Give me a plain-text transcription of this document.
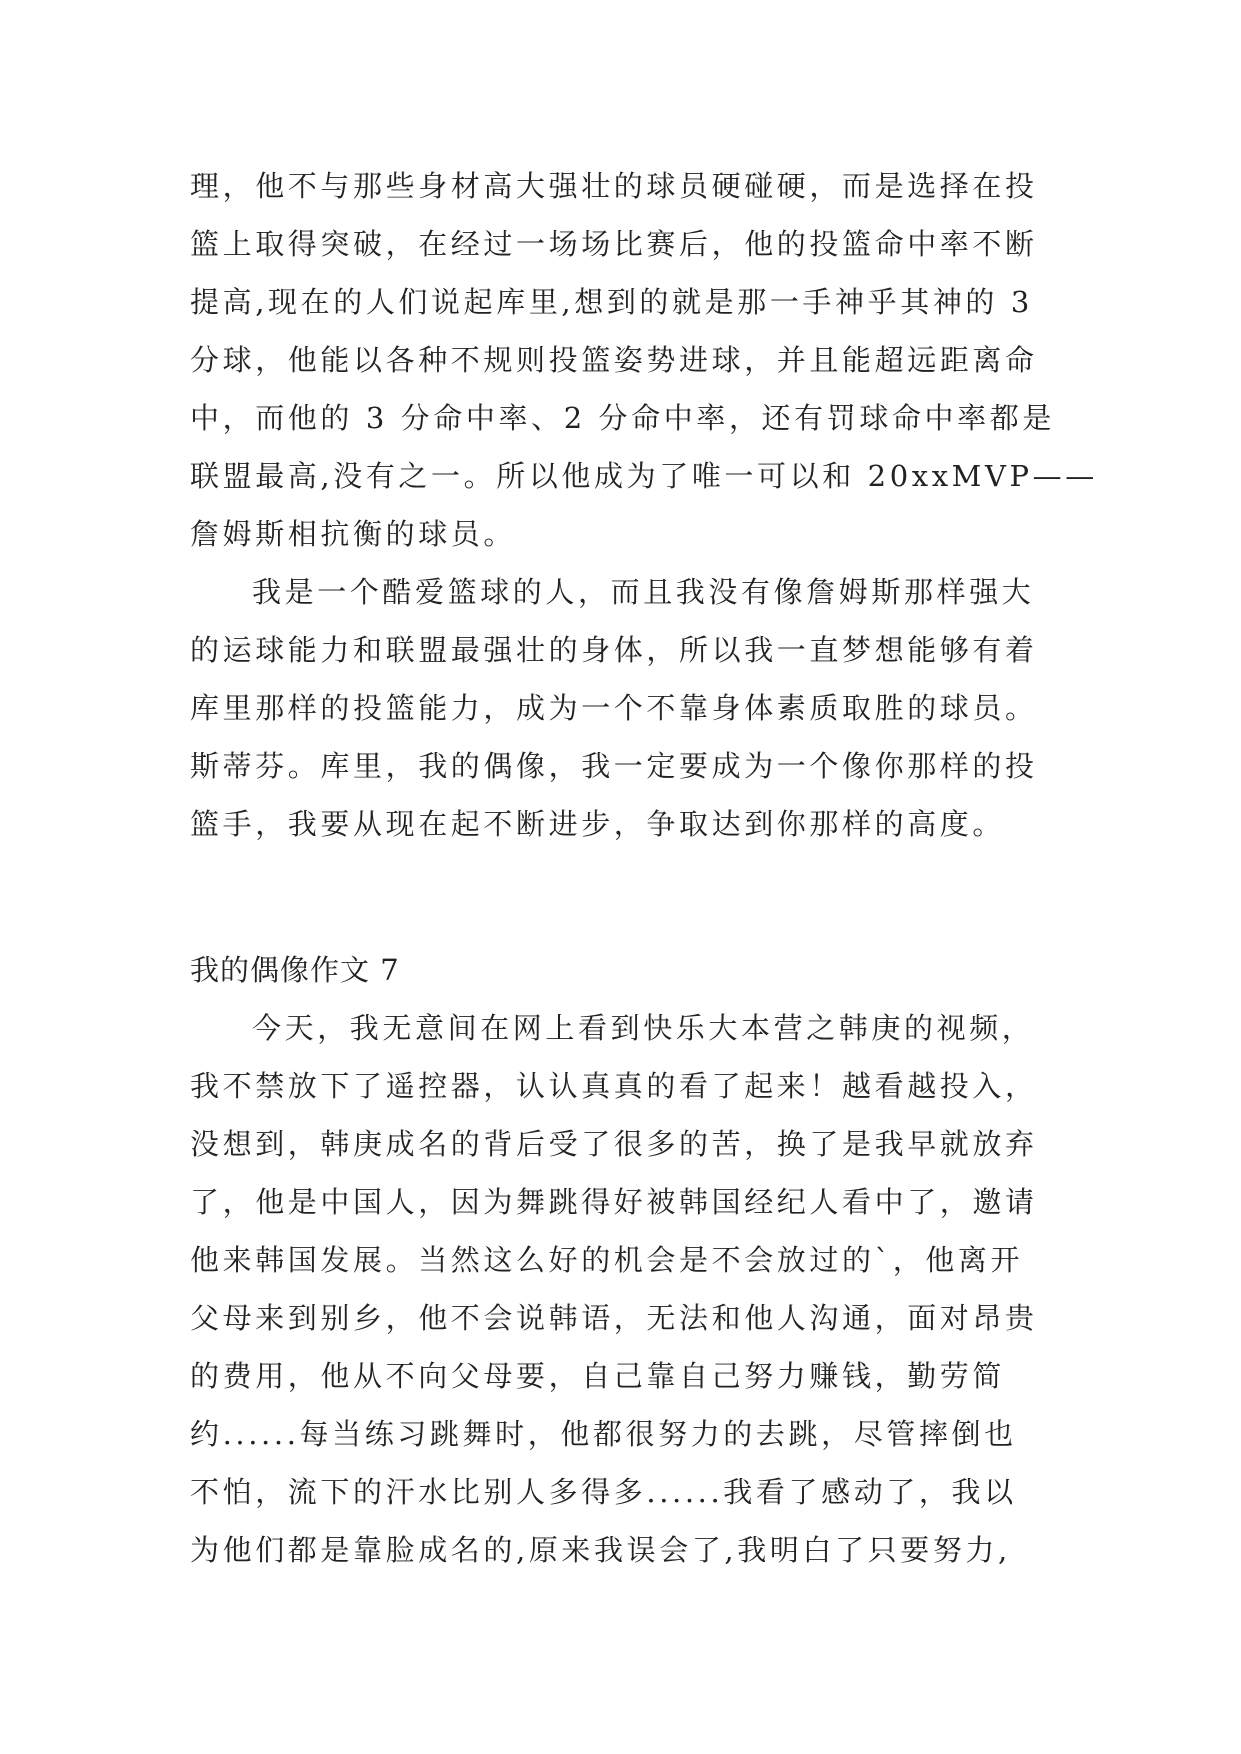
理，他不与那些身材高大强壮的球员硬碰硬，而是选择在投
篮上取得突破，在经过一场场比赛后，他的投篮命中率不断
提高,现在的人们说起库里,想到的就是那一手神乎其神的 3
分球，他能以各种不规则投篮姿势进球，并且能超远距离命
中，而他的 3 分命中率、2 分命中率，还有罚球命中率都是
联盟最高,没有之一。所以他成为了唯一可以和 20xxMVP——
詹姆斯相抗衡的球员。
我是一个酷爱篮球的人，而且我没有像詹姆斯那样强大
的运球能力和联盟最强壮的身体，所以我一直梦想能够有着
库里那样的投篮能力，成为一个不靠身体素质取胜的球员。
斯蒂芬。库里，我的偶像，我一定要成为一个像你那样的投
篮手，我要从现在起不断进步，争取达到你那样的高度。
我的偶像作文 7
今天，我无意间在网上看到快乐大本营之韩庚的视频，
我不禁放下了遥控器，认认真真的看了起来！越看越投入，
没想到，韩庚成名的背后受了很多的苦，换了是我早就放弃
了，他是中国人，因为舞跳得好被韩国经纪人看中了，邀请
他来韩国发展。当然这么好的机会是不会放过的`，他离开
父母来到别乡，他不会说韩语，无法和他人沟通，面对昂贵
的费用，他从不向父母要，自己靠自己努力赚钱，勤劳简
约......每当练习跳舞时，他都很努力的去跳，尽管摔倒也
不怕，流下的汗水比别人多得多......我看了感动了，我以
为他们都是靠脸成名的,原来我误会了,我明白了只要努力,
